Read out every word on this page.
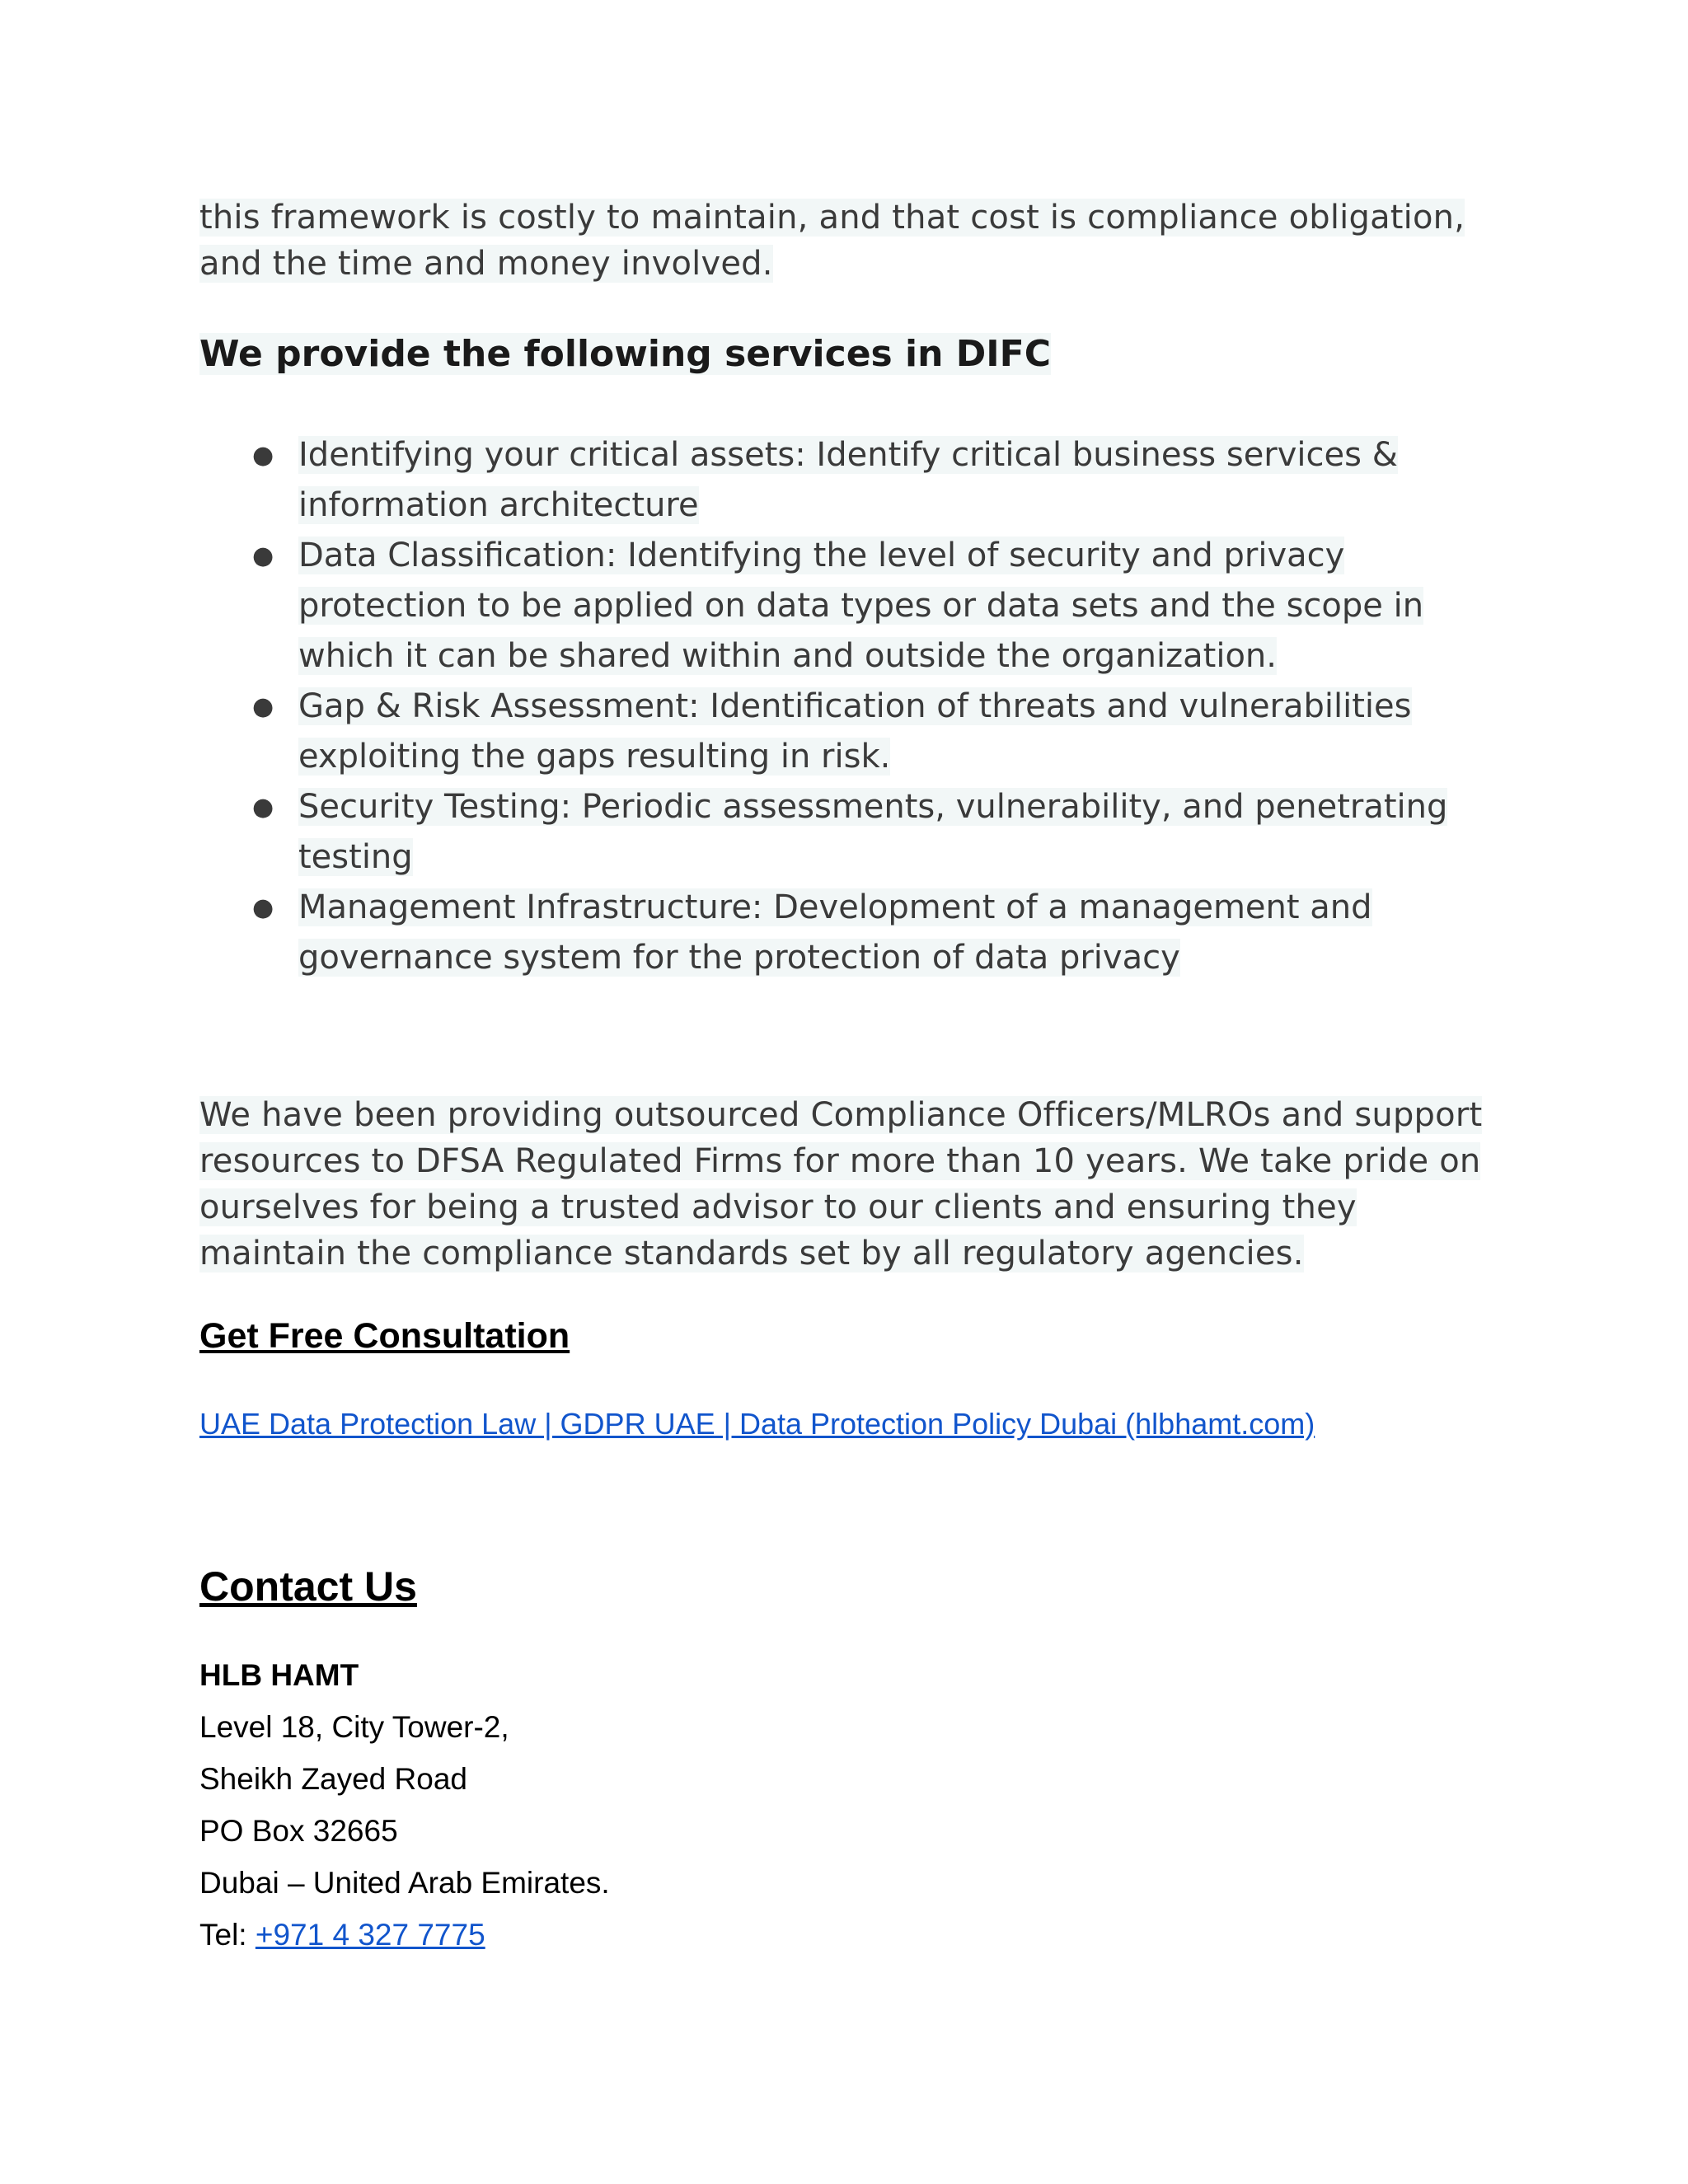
this framework is costly to maintain, and that cost is compliance obligation, and the time and money involved.

We provide the following services in DIFC

● Identifying your critical assets: Identify critical business services & information architecture
● Data Classification: Identifying the level of security and privacy protection to be applied on data types or data sets and the scope in which it can be shared within and outside the organization.
● Gap & Risk Assessment: Identification of threats and vulnerabilities exploiting the gaps resulting in risk.
● Security Testing: Periodic assessments, vulnerability, and penetrating testing
● Management Infrastructure: Development of a management and governance system for the protection of data privacy

We have been providing outsourced Compliance Officers/MLROs and support resources to DFSA Regulated Firms for more than 10 years. We take pride on ourselves for being a trusted advisor to our clients and ensuring they maintain the compliance standards set by all regulatory agencies.

Get Free Consultation
UAE Data Protection Law | GDPR UAE | Data Protection Policy Dubai (hlbhamt.com)
Contact Us

HLB HAMT

Level 18, City Tower-2,

Sheikh Zayed Road

PO Box 32665

Dubai – United Arab Emirates.

Tel: +971 4 327 7775
